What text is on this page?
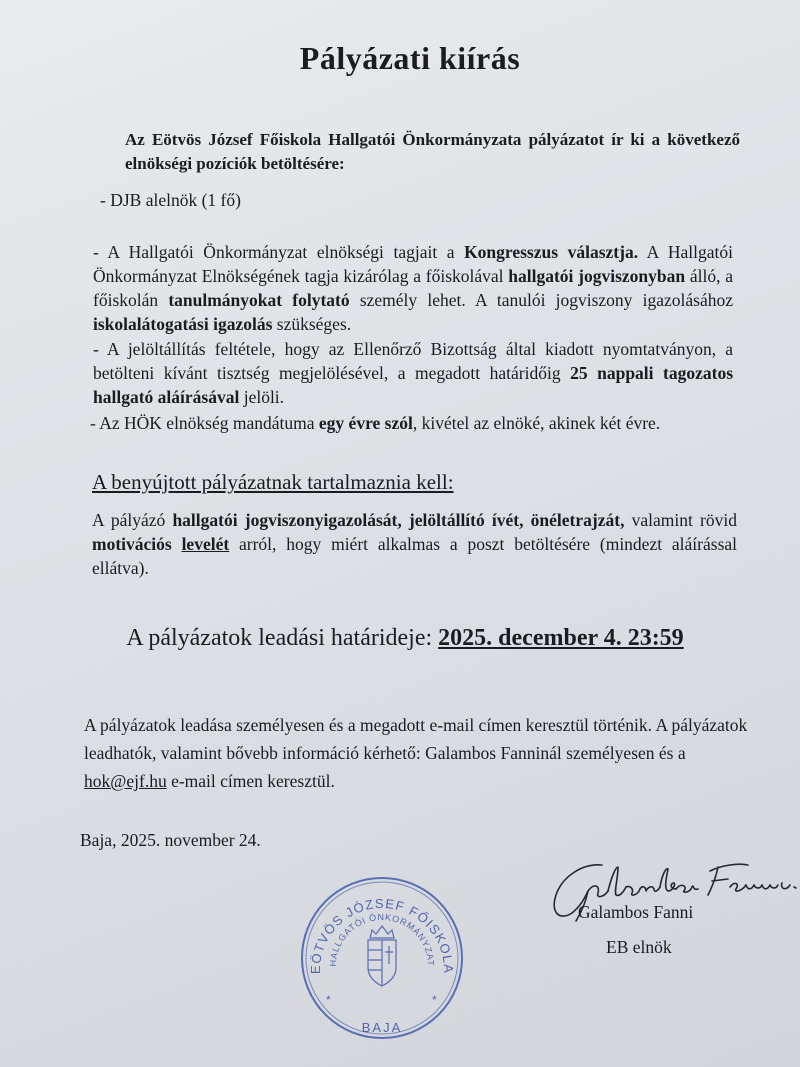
Pályázati kiírás
Az Eötvös József Főiskola Hallgatói Önkormányzata pályázatot ír ki a következő elnökségi pozíciók betöltésére:
- DJB alelnök (1 fő)
- A Hallgatói Önkormányzat elnökségi tagjait a Kongresszus választja. A Hallgatói Önkormányzat Elnökségének tagja kizárólag a főiskolával hallgatói jogviszonyban álló, a főiskolán tanulmányokat folytató személy lehet. A tanulói jogviszony igazolásához iskolalátogatási igazolás szükséges.
- A jelöltállítás feltétele, hogy az Ellenőrző Bizottság által kiadott nyomtatványon, a betölteni kívánt tisztség megjelölésével, a megadott határidőig 25 nappali tagozatos hallgató aláírásával jelöli.
- Az HÖK elnökség mandátuma egy évre szól, kivétel az elnöké, akinek két évre.
A benyújtott pályázatnak tartalmaznia kell:
A pályázó hallgatói jogviszonyigazolását, jelöltállító ívét, önéletrajzát, valamint rövid motivációs levelét arról, hogy miért alkalmas a poszt betöltésére (mindezt aláírással ellátva).
A pályázatok leadási határideje: 2025. december 4. 23:59
A pályázatok leadása személyesen és a megadott e-mail címen keresztül történik. A pályázatok leadhatók, valamint bővebb információ kérhető: Galambos Fanninál személyesen és a hok@ejf.hu e-mail címen keresztül.
Baja, 2025. november 24.
Galambos Fanni
EB elnök
EÖTVÖS JÓZSEF FŐISKOLA
HALLGATÓI ÖNKORMÁNYZAT
*	*
BAJA
